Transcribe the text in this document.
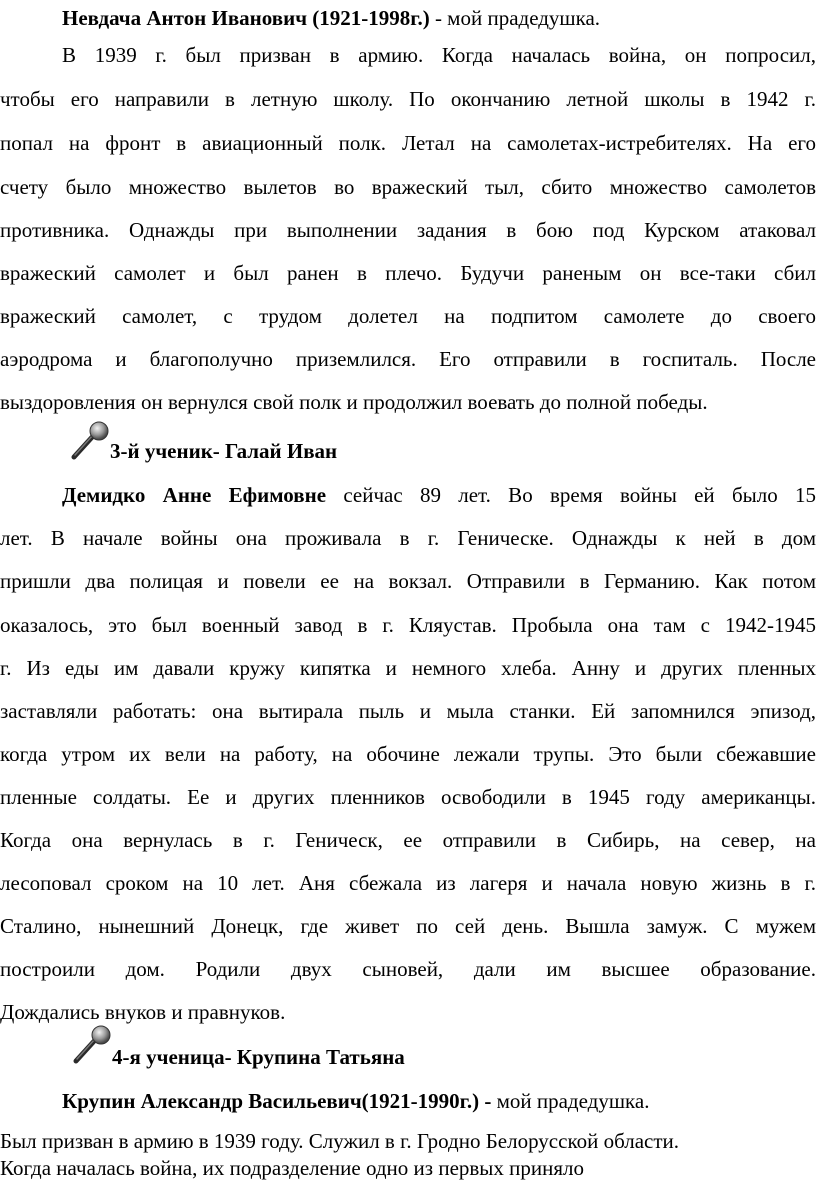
Невдача Антон Иванович (1921-1998г.) - мой прадедушка.
В 1939 г. был призван в армию. Когда началась война, он попросил,
чтобы его направили в летную школу. По окончанию летной школы в 1942 г.
попал на фронт в авиационный полк. Летал на самолетах-истребителях. На его
счету было множество вылетов во вражеский тыл, сбито множество самолетов
противника. Однажды при выполнении задания в бою под Курском атаковал
вражеский самолет и был ранен в плечо. Будучи раненым он все-таки сбил
вражеский самолет, с трудом долетел на подпитом самолете до своего
аэродрома и благополучно приземлился. Его отправили в госпиталь. После
выздоровления он вернулся свой полк и продолжил воевать до полной победы.
3-й ученик- Галай Иван
Демидко Анне Ефимовне сейчас 89 лет. Во время войны ей было 15
лет. В начале войны она проживала в г. Геническе. Однажды к ней в дом
пришли два полицая и повели ее на вокзал. Отправили в Германию. Как потом
оказалось, это был военный завод в г. Кляустав. Пробыла она там с 1942-1945
г. Из еды им давали кружу кипятка и немного хлеба. Анну и других пленных
заставляли работать: она вытирала пыль и мыла станки. Ей запомнился эпизод,
когда утром их вели на работу, на обочине лежали трупы. Это были сбежавшие
пленные солдаты. Ее и других пленников освободили в 1945 году американцы.
Когда она вернулась в г. Геническ, ее отправили в Сибирь, на север, на
лесоповал сроком на 10 лет. Аня сбежала из лагеря и начала новую жизнь в г.
Сталино, нынешний Донецк, где живет по сей день. Вышла замуж. С мужем
построили дом. Родили двух сыновей, дали им высшее образование.
Дождались внуков и правнуков.
4-я ученица- Крупина Татьяна
Крупин Александр Васильевич(1921-1990г.) - мой прадедушка.
Был призван в армию в 1939 году. Служил в г. Гродно Белорусской области.
Когда началась война, их подразделение одно из первых приняло
